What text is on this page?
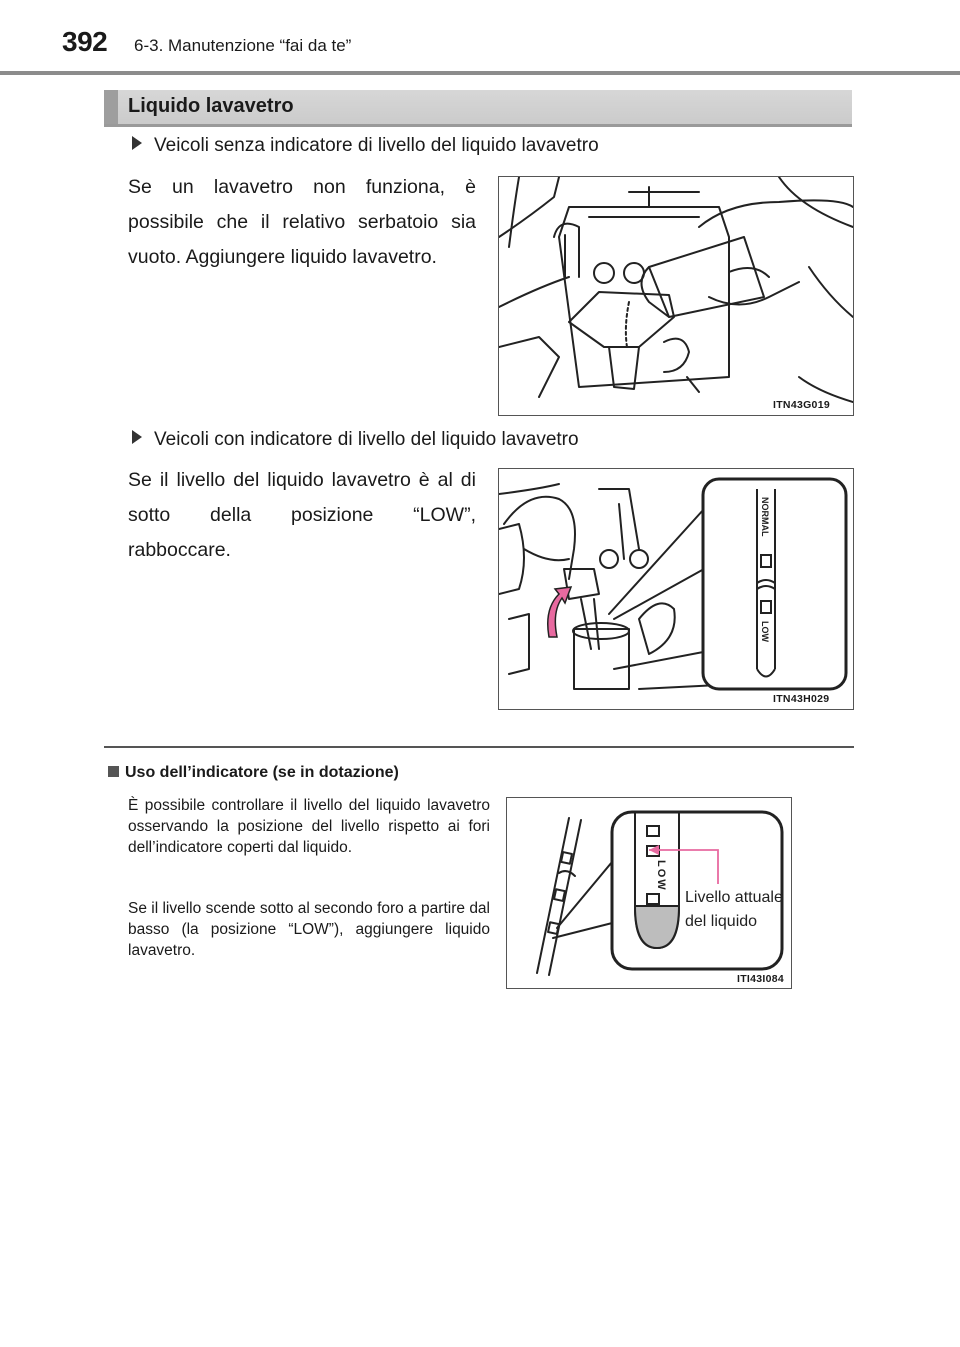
392 6-3. Manutenzione “fai da te”
Liquido lavavetro
Veicoli senza indicatore di livello del liquido lavavetro
Se un lavavetro non funziona, è possibile che il relativo serbatoio sia vuoto. Aggiungere liquido lavavetro.
ITN43G019
Veicoli con indicatore di livello del liquido lavavetro
Se il livello del liquido lavavetro è al di sotto della posizione “LOW”, rabboccare.
NORMAL
LOW
ITN43H029
Uso dell’indicatore (se in dotazione)
È possibile controllare il livello del liquido lavavetro osservando la posizione del livello rispetto ai fori dell’indicatore coperti dal liquido.
Se il livello scende sotto al secondo foro a partire dal basso (la posizione “LOW”), aggiungere liquido lavavetro.
LOW
Livello attuale del liquido
ITI43I084
